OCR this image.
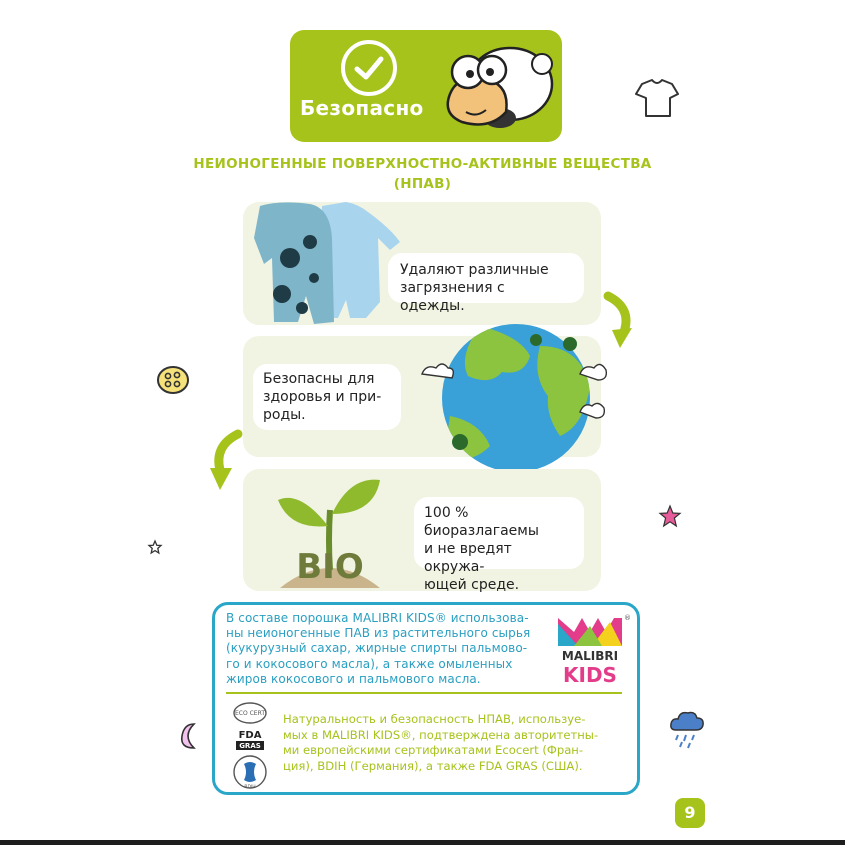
Безопасно
НЕИОНОГЕННЫЕ ПОВЕРХНОСТНО-АКТИВНЫЕ ВЕЩЕСТВА
(НПАВ)
Удаляют различные
загрязнения с одежды.
Безопасны для
здоровья и при-
роды.
BIO
100 % биоразлагаемы
и не вредят окружа-
ющей среде.
В составе порошка MALIBRI KIDS® использова-
ны неионогенные ПАВ из растительного сырья
(кукурузный сахар, жирные спирты пальмово-
го и кокосового масла), а также омыленных
жиров кокосового и пальмового масла.
®
MALIBRI
KIDS
ECO CERT
FDA
GRAS
BDIH
Натуральность и безопасность НПАВ, используе-
мых в MALIBRI KIDS®, подтверждена авторитетны-
ми европейскими сертификатами Ecocert (Фран-
ция), BDIH (Германия), а также FDA GRAS (США).
9
